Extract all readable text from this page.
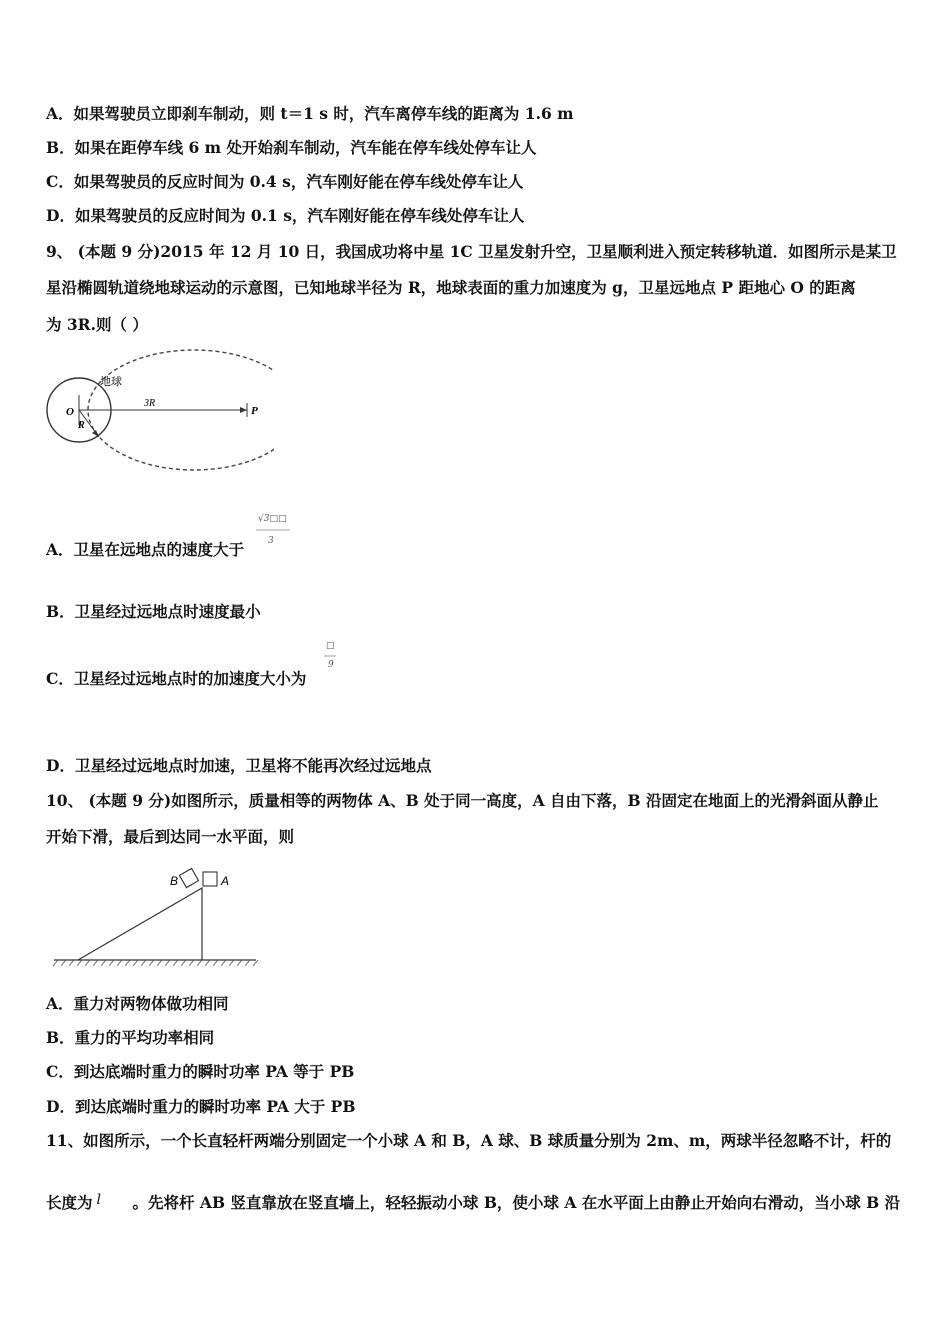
A．如果驾驶员立即刹车制动，则 t＝1 s 时，汽车离停车线的距离为 1.6 m
B．如果在距停车线 6 m 处开始刹车制动，汽车能在停车线处停车让人
C．如果驾驶员的反应时间为 0.4 s，汽车刚好能在停车线处停车让人
D．如果驾驶员的反应时间为 0.1 s，汽车刚好能在停车线处停车让人
9、 (本题 9 分)2015 年 12 月 10 日，我国成功将中星 1C 卫星发射升空，卫星顺利进入预定转移轨道．如图所示是某卫
星沿椭圆轨道绕地球运动的示意图，已知地球半径为 R，地球表面的重力加速度为 g，卫星远地点 P 距地心 O 的距离
为 3R.则（ ）
地球
O
R
3R
P
A．卫星在远地点的速度大于
√3□□
3
B．卫星经过远地点时速度最小
C．卫星经过远地点时的加速度大小为
□
9
D．卫星经过远地点时加速，卫星将不能再次经过远地点
10、 (本题 9 分)如图所示，质量相等的两物体 A、B 处于同一高度，A 自由下落，B 沿固定在地面上的光滑斜面从静止
开始下滑，最后到达同一水平面，则
B	A
A．重力对两物体做功相同
B．重力的平均功率相同
C．到达底端时重力的瞬时功率 PA 等于 PB
D．到达底端时重力的瞬时功率 PA 大于 PB
11、如图所示，一个长直轻杆两端分别固定一个小球 A 和 B，A 球、B 球质量分别为 2m、m，两球半径忽略不计，杆的
长度为 l 。先将杆 AB 竖直靠放在竖直墙上，轻轻振动小球 B，使小球 A 在水平面上由静止开始向右滑动，当小球 B 沿
